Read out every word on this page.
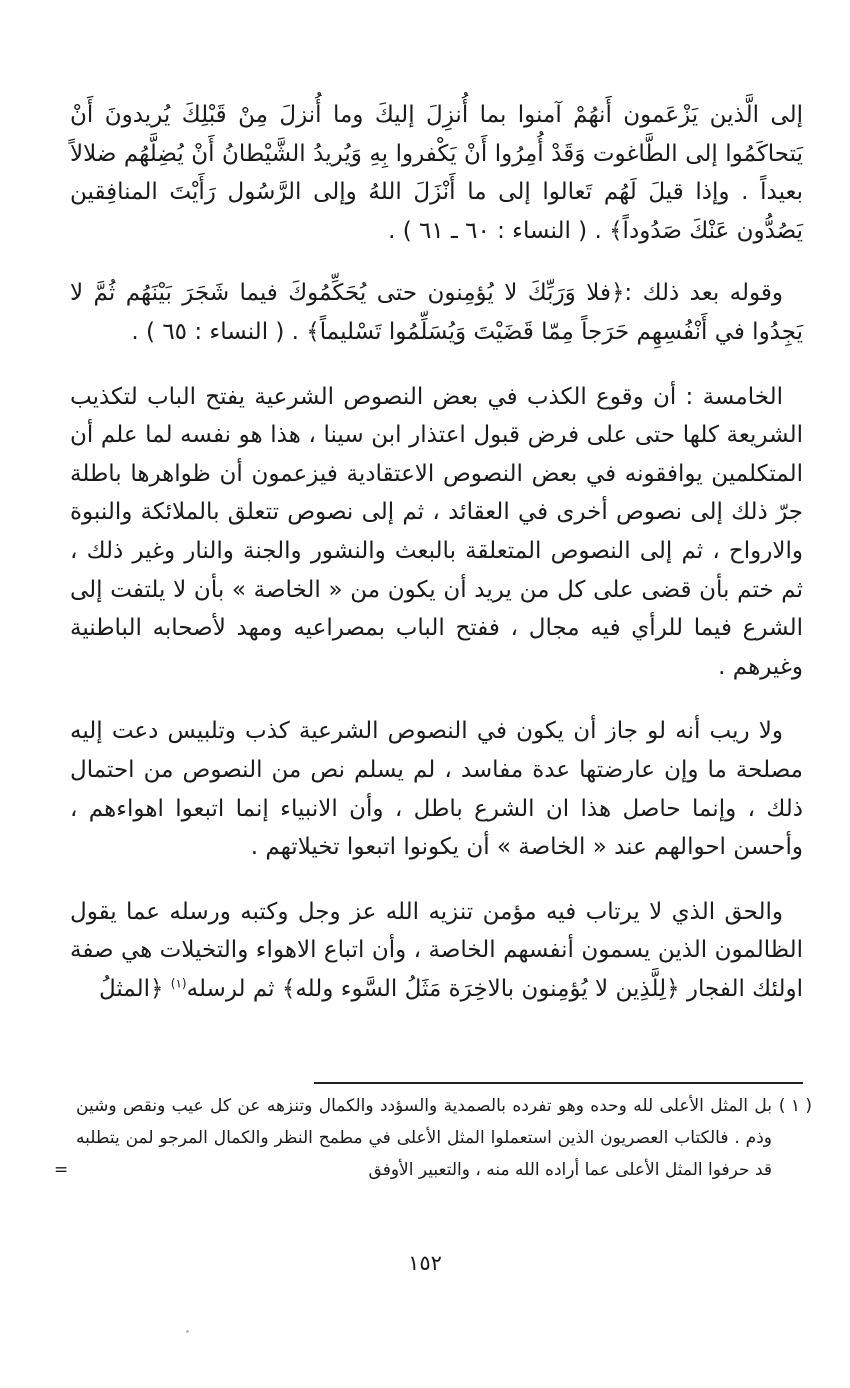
إلى الَّذين يَزْعَمون أَنهُمْ آمنوا بما أُنزِلَ إليكَ وما أُنزلَ مِنْ قَبْلِكَ يُريدونَ أَنْ يَتحاكَمُوا إلى الطَّاغوت وَقَدْ أُمِرُوا أَنْ يَكْفروا بِهِ وَيُريدُ الشَّيْطانُ أَنْ يُضِلَّهُم ضلالاً بعيداً . وإذا قيلَ لَهُم تَعالوا إلى ما أَنْزَلَ اللهُ وإلى الرَّسُول رَأَيْتَ المنافِقين يَصُدُّون عَنْكَ صَدُوداً﴾ . ( النساء : ٦٠ ـ ٦١ ) .

وقوله بعد ذلك :﴿فلا وَرَبِّكَ لا يُؤمِنون حتى يُحَكِّمُوكَ فيما شَجَرَ بَيْنَهُم ثُمَّ لا يَجِدُوا في أَنْفُسِهِم حَرَجاً مِمّا قَضَيْتَ وَيُسَلِّمُوا تَسْليماً﴾ . ( النساء : ٦٥ ) .

الخامسة : أن وقوع الكذب في بعض النصوص الشرعية يفتح الباب لتكذيب الشريعة كلها حتى على فرض قبول اعتذار ابن سينا ، هذا هو نفسه لما علم أن المتكلمين يوافقونه في بعض النصوص الاعتقادية فيزعمون أن ظواهرها باطلة جرّ ذلك إلى نصوص أخرى في العقائد ، ثم إلى نصوص تتعلق بالملائكة والنبوة والارواح ، ثم إلى النصوص المتعلقة بالبعث والنشور والجنة والنار وغير ذلك ، ثم ختم بأن قضى على كل من يريد أن يكون من « الخاصة » بأن لا يلتفت إلى الشرع فيما للرأي فيه مجال ، ففتح الباب بمصراعيه ومهد لأصحابه الباطنية وغيرهم .

ولا ريب أنه لو جاز أن يكون في النصوص الشرعية كذب وتلبيس دعت إليه مصلحة ما وإن عارضتها عدة مفاسد ، لم يسلم نص من النصوص من احتمال ذلك ، وإنما حاصل هذا ان الشرع باطل ، وأن الانبياء إنما اتبعوا اهواءهم ، وأحسن احوالهم عند « الخاصة » أن يكونوا اتبعوا تخيلاتهم .

والحق الذي لا يرتاب فيه مؤمن تنزيه الله عز وجل وكتبه ورسله عما يقول الظالمون الذين يسمون أنفسهم الخاصة ، وأن اتباع الاهواء والتخيلات هي صفة اولئك الفجار ﴿لِلَّذِين لا يُؤمِنون بالاخِرَة مَثَلُ السَّوء ولله﴾ ثم لرسله$^{(١)}$ ﴿المثلُ

( ١ )

بل المثل الأعلى لله وحده وهو تفرده بالصمدية والسؤدد والكمال وتنزهه عن كل عيب ونقص وشين وذم . فالكتاب العصريون الذين استعملوا المثل الأعلى في مطمح النظر والكمال المرجو لمن يتطلبه قد حرفوا المثل الأعلى عما أراده الله منه ، والتعبير الأوفق
=

١٥٢
